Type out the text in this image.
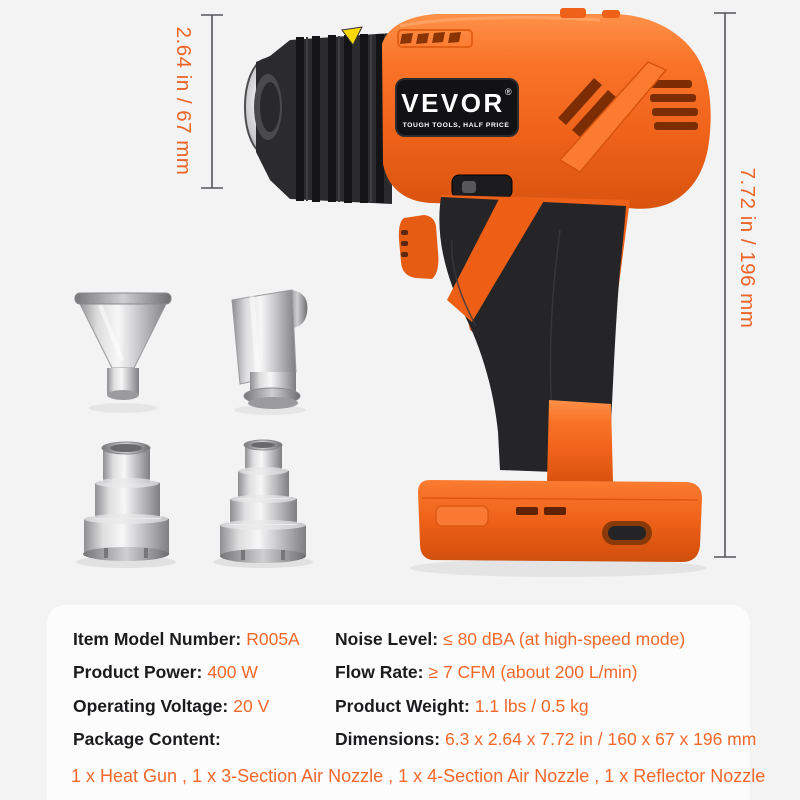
VEVOR ®
TOUGH TOOLS, HALF PRICE
2.64 in / 67 mm
7.72 in / 196 mm
Item Model Number: R005A
Product Power: 400 W
Operating Voltage: 20 V
Package Content:
Noise Level: ≤ 80 dBA (at high-speed mode)
Flow Rate: ≥ 7 CFM (about 200 L/min)
Product Weight: 1.1 lbs / 0.5 kg
Dimensions: 6.3 x 2.64 x 7.72 in / 160 x 67 x 196 mm
1 x Heat Gun , 1 x 3-Section Air Nozzle , 1 x 4-Section Air Nozzle , 1 x Reflector Nozzle
